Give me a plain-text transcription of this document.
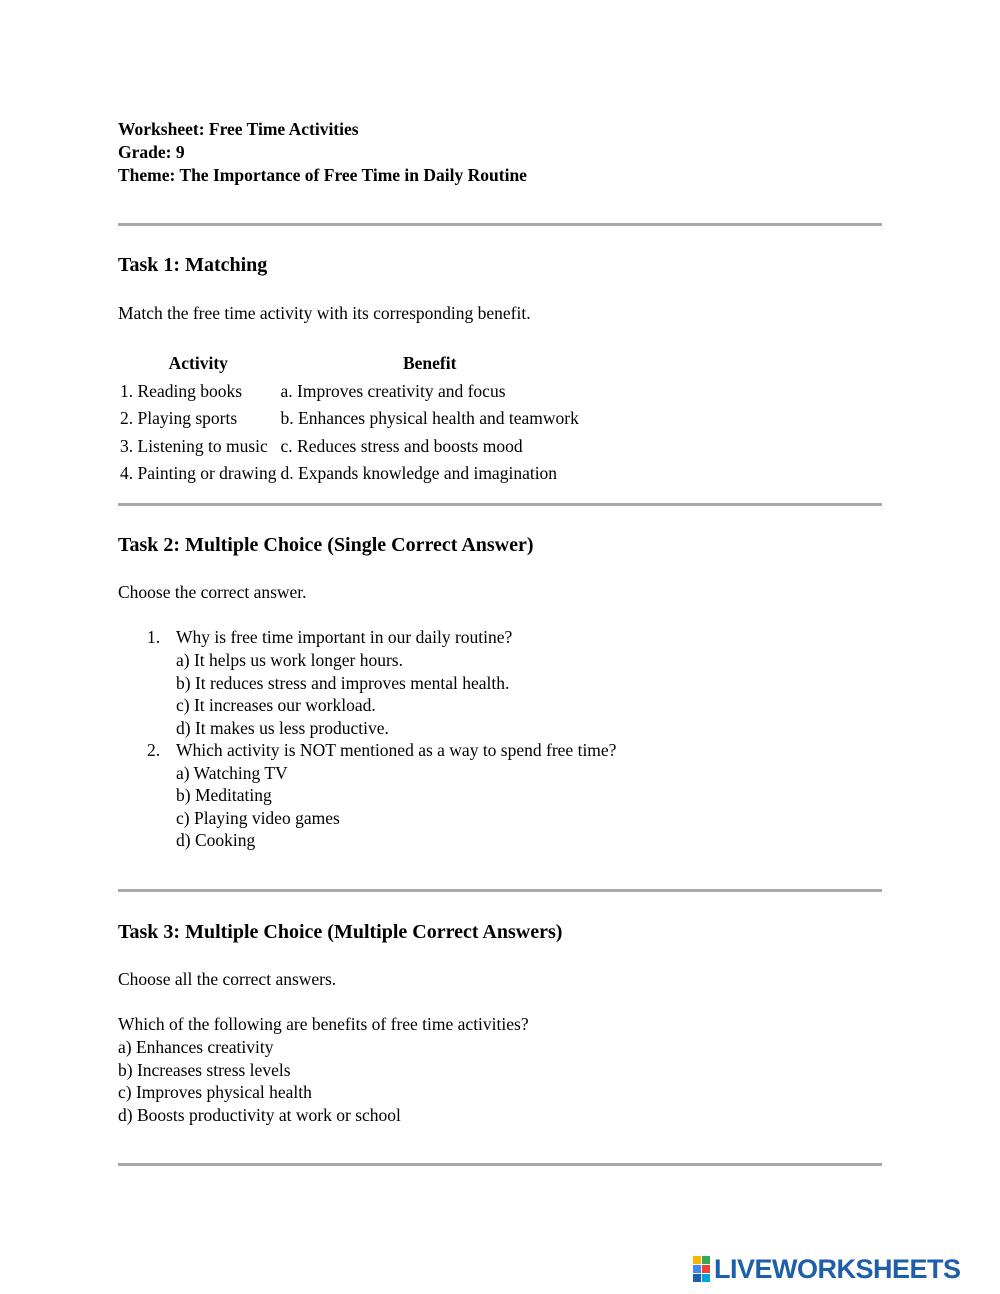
Worksheet: Free Time Activities
Grade: 9
Theme: The Importance of Free Time in Daily Routine
Task 1: Matching
Match the free time activity with its corresponding benefit.
Activity	Benefit
1. Reading books	a. Improves creativity and focus
2. Playing sports	b. Enhances physical health and teamwork
3. Listening to music	c. Reduces stress and boosts mood
4. Painting or drawing	d. Expands knowledge and imagination
Task 2: Multiple Choice (Single Correct Answer)
Choose the correct answer.
1. Why is free time important in our daily routine?
a) It helps us work longer hours.
b) It reduces stress and improves mental health.
c) It increases our workload.
d) It makes us less productive.
2. Which activity is NOT mentioned as a way to spend free time?
a) Watching TV
b) Meditating
c) Playing video games
d) Cooking
Task 3: Multiple Choice (Multiple Correct Answers)
Choose all the correct answers.
Which of the following are benefits of free time activities?
a) Enhances creativity
b) Increases stress levels
c) Improves physical health
d) Boosts productivity at work or school
LIVEWORKSHEETS
